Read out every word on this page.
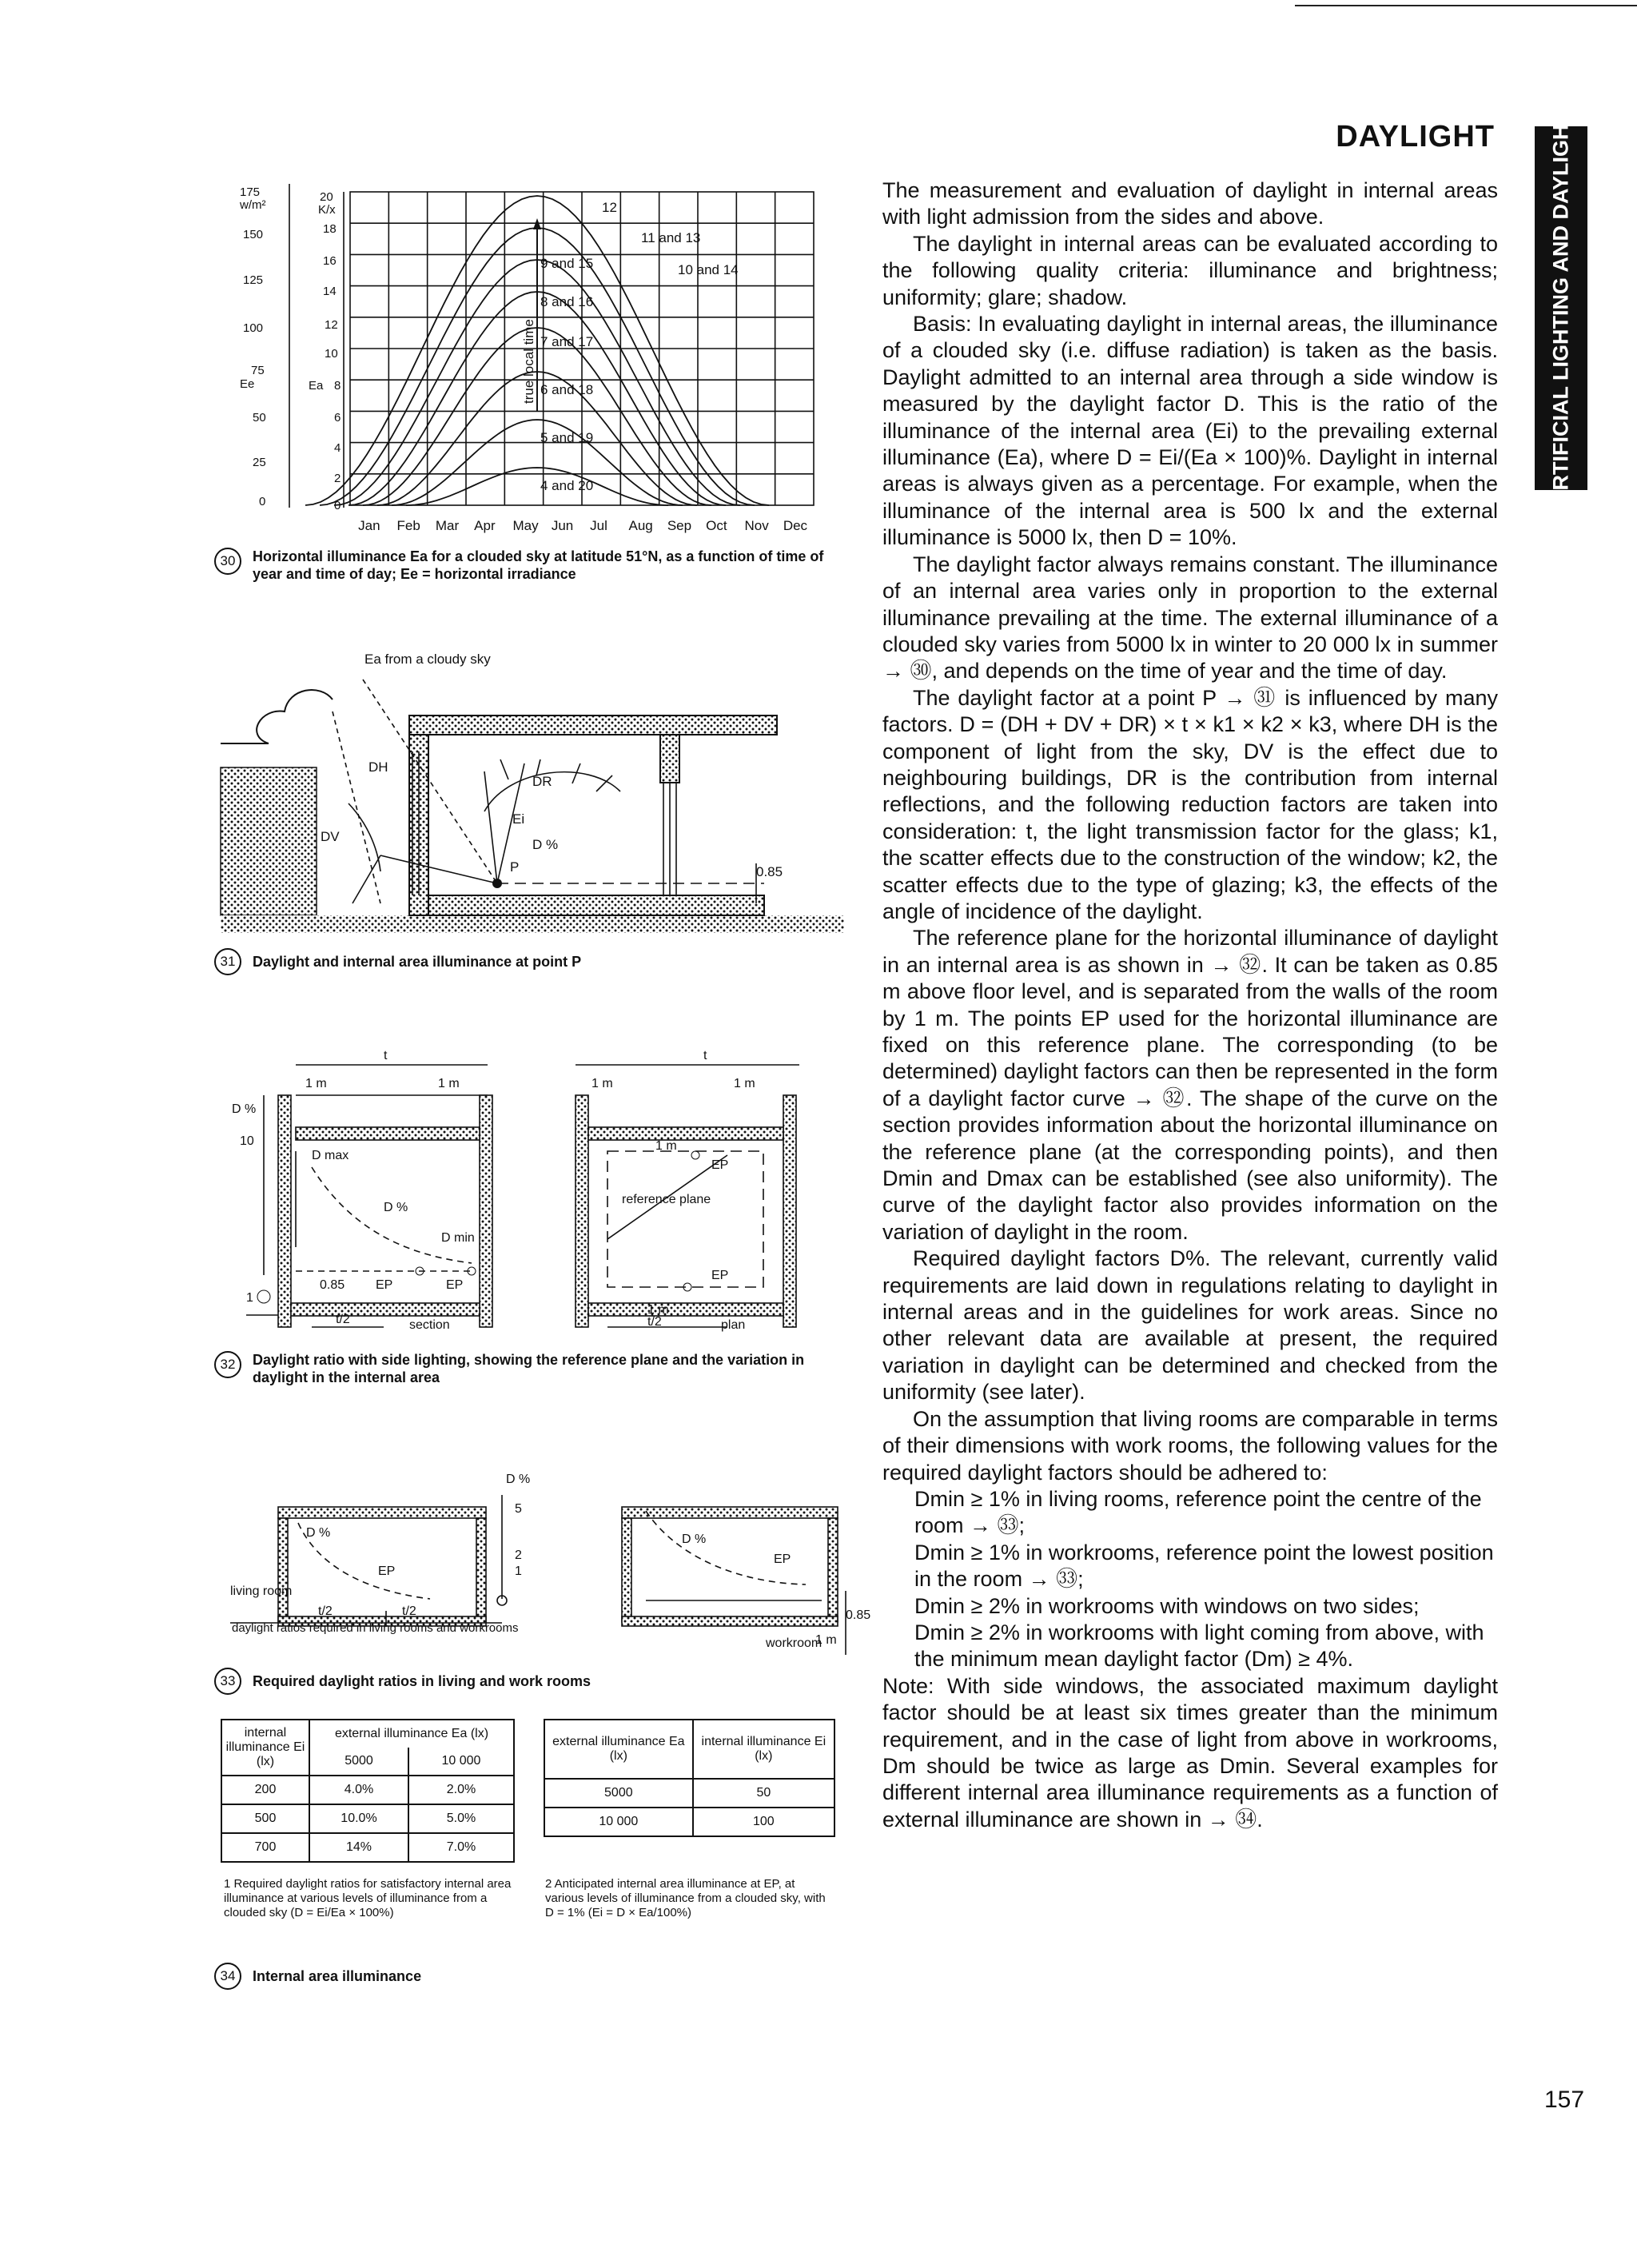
DAYLIGHT	ARTIFICIAL LIGHTING AND DAYLIGHT

The measurement and evaluation of daylight in internal areas with light admission from the sides and above.

The daylight in internal areas can be evaluated according to the following quality criteria: illuminance and brightness; uniformity; glare; shadow.

Basis: In evaluating daylight in internal areas, the illuminance of a clouded sky (i.e. diffuse radiation) is taken as the basis. Daylight admitted to an internal area through a side window is measured by the daylight factor D. This is the ratio of the illuminance of the internal area (Ei) to the prevailing external illuminance (Ea), where D = Ei/(Ea × 100)%. Daylight in internal areas is always given as a percentage. For example, when the illuminance of the internal area is 500 lx and the external illuminance is 5000 lx, then D = 10%.

The daylight factor always remains constant. The illuminance of an internal area varies only in proportion to the external illuminance prevailing at the time. The external illuminance of a clouded sky varies from 5000 lx in winter to 20 000 lx in summer → ㉚, and depends on the time of year and the time of day.

The daylight factor at a point P → ㉛ is influenced by many factors. D = (DH + DV + DR) × t × k1 × k2 × k3, where DH is the component of light from the sky, DV is the effect due to neighbouring buildings, DR is the contribution from internal reflections, and the following reduction factors are taken into consideration: t, the light transmission factor for the glass; k1, the scatter effects due to the construction of the window; k2, the scatter effects due to the type of glazing; k3, the effects of the angle of incidence of the daylight.

The reference plane for the horizontal illuminance of daylight in an internal area is as shown in → ㉜. It can be taken as 0.85 m above floor level, and is separated from the walls of the room by 1 m. The points EP used for the horizontal illuminance are fixed on this reference plane. The corresponding (to be determined) daylight factors can then be represented in the form of a daylight factor curve → ㉜. The shape of the curve on the section provides information about the horizontal illuminance on the reference plane (at the corresponding points), and then Dmin and Dmax can be established (see also uniformity). The curve of the daylight factor also provides information on the variation of daylight in the room.

Required daylight factors D%. The relevant, currently valid requirements are laid down in regulations relating to daylight in internal areas and in the guidelines for work areas. Since no other relevant data are available at present, the required variation in daylight can be determined and checked from the uniformity (see later).

On the assumption that living rooms are comparable in terms of their dimensions with work rooms, the following values for the required daylight factors should be adhered to:

Dmin ≥ 1% in living rooms, reference point the centre of the room → ㉝;

Dmin ≥ 1% in workrooms, reference point the lowest position in the room → ㉝;

Dmin ≥ 2% in workrooms with windows on two sides;

Dmin ≥ 2% in workrooms with light coming from above, with the minimum mean daylight factor (Dm) ≥ 4%.

Note: With side windows, the associated maximum daylight factor should be at least six times greater than the minimum requirement, and in the case of light from above in workrooms, Dm should be twice as large as Dmin. Several examples for different internal area illuminance requirements as a function of external illuminance are shown in → ㉞.

157
175
w/m²
150
125
100
75
Ee
50
25
0
20
K/x
18
16
14
12
10
Ea 8
6
4
2
0
12
11 and 13
10 and 14
9 and 15
8 and 16
7 and 17
6 and 18
5 and 19
4 and 20
true local time
Jan Feb Mar Apr May Jun Jul Aug Sep Oct Nov Dec
30	Horizontal illuminance Ea for a clouded sky at latitude 51°N, as a function of time of year and time of day; Ee = horizontal irradiance
Ea from a cloudy sky
DH
DV
DR
Ei
D %
P	0.85
31	Daylight and internal area illuminance at point P
t
1 m	1 m
D %
10
1
D max
D %
D min
0.85 EP	EP
t/2	section
t
1 m	1 m
1 m
1 m
EP
EP
reference plane
t/2	plan
32	Daylight ratio with side lighting, showing the reference plane and the variation in daylight in the internal area
D %
EP
t/2	t/2
living room
D %
5
2
1
D %
EP
0.85
workroom
1 m
daylight ratios required in living rooms and workrooms
33	Required daylight ratios in living and work rooms
internal illuminance Ei (lx)	external illuminance Ea (lx)	
	5000	10 000
200	4.0%	2.0%
500	10.0%	5.0%
700	14%	7.0%
external illuminance Ea (lx)	internal illuminance Ei (lx)
5000	50
10 000	100
1 Required daylight ratios for satisfactory internal area illuminance at various levels of illuminance from a clouded sky (D = Ei/Ea × 100%)
2 Anticipated internal area illuminance at EP, at various levels of illuminance from a clouded sky, with D = 1% (Ei = D × Ea/100%)
34	Internal area illuminance
